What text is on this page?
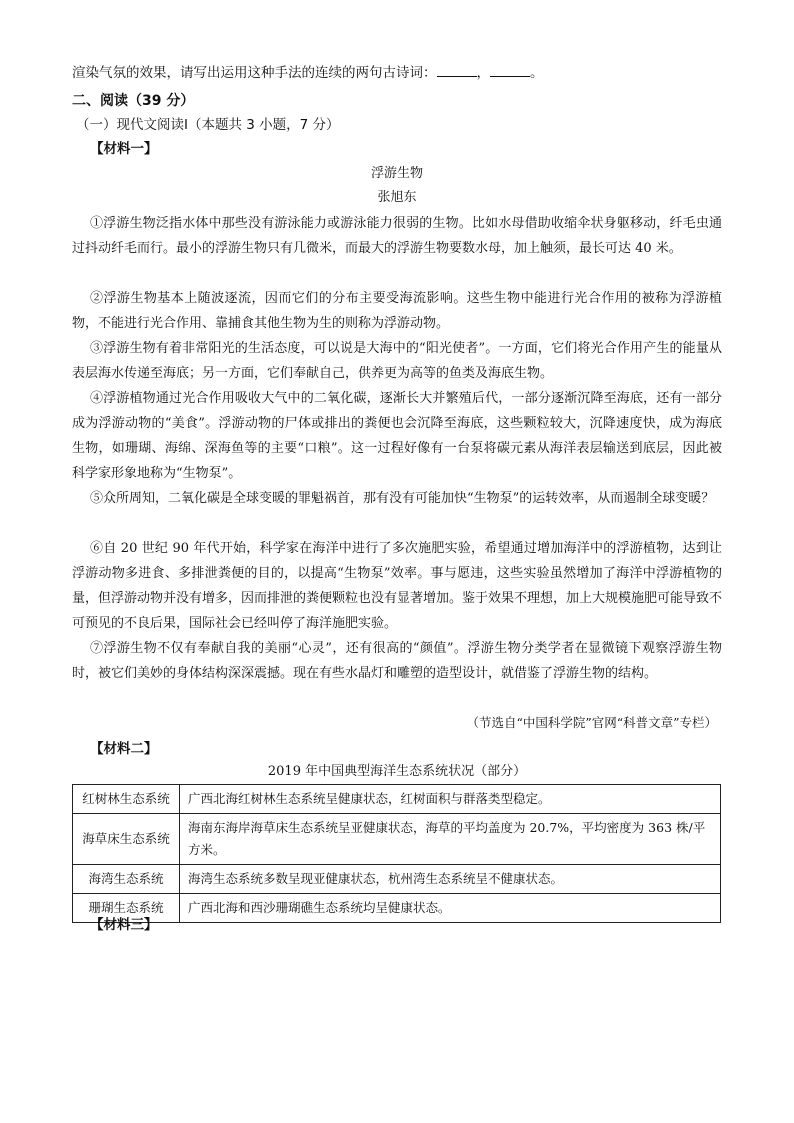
渲染气氛的效果，请写出运用这种手法的连续的两句古诗词：	，	。
二、阅读（39 分）
（一）现代文阅读Ⅰ（本题共 3 小题，7 分）
【材料一】
浮游生物
张旭东
①浮游生物泛指水体中那些没有游泳能力或游泳能力很弱的生物。比如水母借助收缩伞状身躯移动，纤毛虫通过抖动纤毛而行。最小的浮游生物只有几微米，而最大的浮游生物要数水母，加上触须，最长可达 40 米。
②浮游生物基本上随波逐流，因而它们的分布主要受海流影响。这些生物中能进行光合作用的被称为浮游植物，不能进行光合作用、靠捕食其他生物为生的则称为浮游动物。
③浮游生物有着非常阳光的生活态度，可以说是大海中的“阳光使者”。一方面，它们将光合作用产生的能量从表层海水传递至海底；另一方面，它们奉献自己，供养更为高等的鱼类及海底生物。
④浮游植物通过光合作用吸收大气中的二氧化碳，逐渐长大并繁殖后代，一部分逐渐沉降至海底，还有一部分成为浮游动物的“美食”。浮游动物的尸体或排出的粪便也会沉降至海底，这些颗粒较大，沉降速度快，成为海底生物，如珊瑚、海绵、深海鱼等的主要“口粮”。这一过程好像有一台泵将碳元素从海洋表层输送到底层，因此被科学家形象地称为“生物泵”。
⑤众所周知，二氧化碳是全球变暖的罪魁祸首，那有没有可能加快“生物泵”的运转效率，从而遏制全球变暖？
⑥自 20 世纪 90 年代开始，科学家在海洋中进行了多次施肥实验，希望通过增加海洋中的浮游植物，达到让浮游动物多进食、多排泄粪便的目的，以提高“生物泵”效率。事与愿违，这些实验虽然增加了海洋中浮游植物的量，但浮游动物并没有增多，因而排泄的粪便颗粒也没有显著增加。鉴于效果不理想，加上大规模施肥可能导致不可预见的不良后果，国际社会已经叫停了海洋施肥实验。
⑦浮游生物不仅有奉献自我的美丽“心灵”，还有很高的“颜值”。浮游生物分类学者在显微镜下观察浮游生物时，被它们美妙的身体结构深深震撼。现在有些水晶灯和雕塑的造型设计，就借鉴了浮游生物的结构。
（节选自“中国科学院”官网“科普文章”专栏）
【材料二】
2019 年中国典型海洋生态系统状况（部分）
红树林生态系统	广西北海红树林生态系统呈健康状态，红树面积与群落类型稳定。
海草床生态系统	海南东海岸海草床生态系统呈亚健康状态，海草的平均盖度为 20.7%，平均密度为 363 株/平方米。
海湾生态系统	海湾生态系统多数呈现亚健康状态，杭州湾生态系统呈不健康状态。
珊瑚生态系统	广西北海和西沙珊瑚礁生态系统均呈健康状态。
【材料三】
